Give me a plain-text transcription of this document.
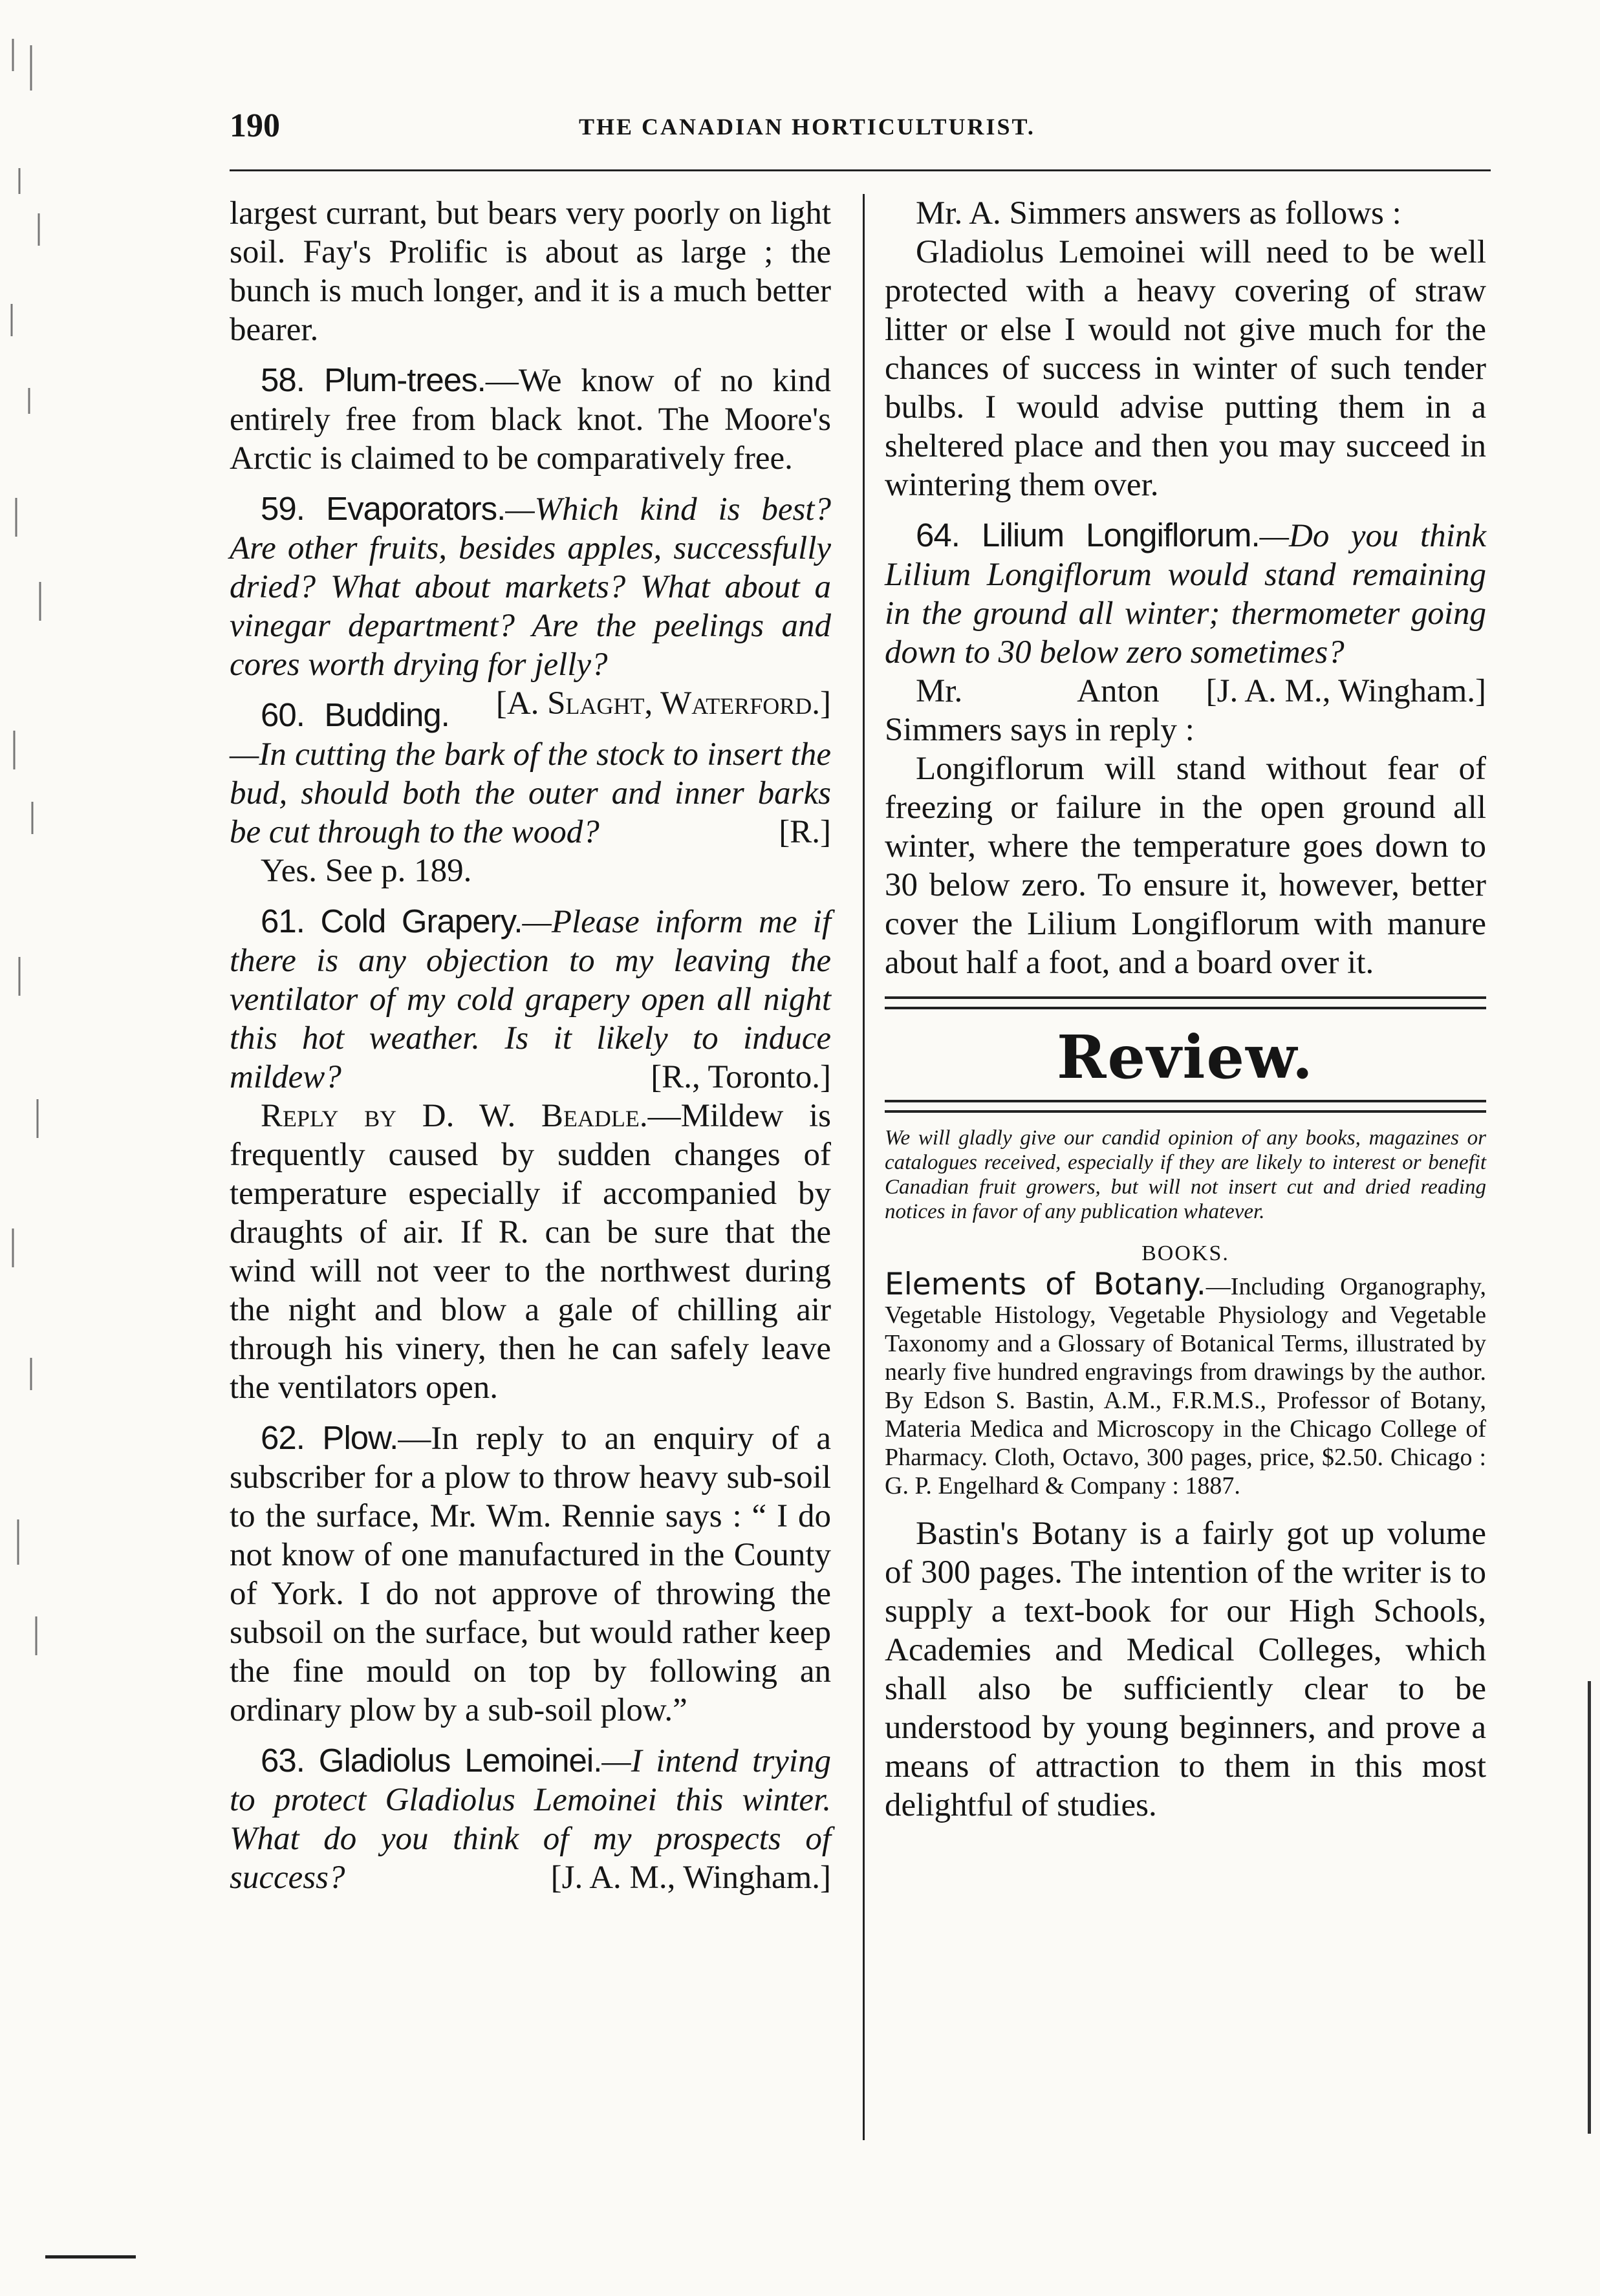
190	THE CANADIAN HORTICULTURIST.

largest currant, but bears very poorly on light soil. Fay's Prolific is about as large ; the bunch is much longer, and it is a much better bearer.

58. Plum-trees.—We know of no kind entirely free from black knot. The Moore's Arctic is claimed to be comparatively free.

59. Evaporators.—Which kind is best? Are other fruits, besides apples, successfully dried? What about markets? What about a vinegar department? Are the peelings and cores worth drying for jelly?
[A. Slaght, Waterford.]

60. Budding.—In cutting the bark of the stock to insert the bud, should both the outer and inner barks be cut through to the wood?	[R.]

Yes. See p. 189.

61. Cold Grapery.—Please inform me if there is any objection to my leaving the ventilator of my cold grapery open all night this hot weather. Is it likely to induce mildew?	[R., Toronto.]

Reply by D. W. Beadle.—Mildew is frequently caused by sudden changes of temperature especially if accompanied by draughts of air. If R. can be sure that the wind will not veer to the northwest during the night and blow a gale of chilling air through his vinery, then he can safely leave the ventilators open.

62. Plow.—In reply to an enquiry of a subscriber for a plow to throw heavy sub-soil to the surface, Mr. Wm. Rennie says : “ I do not know of one manufactured in the County of York. I do not approve of throwing the subsoil on the surface, but would rather keep the fine mould on top by following an ordinary plow by a sub-soil plow.”

63. Gladiolus Lemoinei.—I intend trying to protect Gladiolus Lemoinei this winter. What do you think of my prospects of success?	[J. A. M., Wingham.]

Mr. A. Simmers answers as follows :

Gladiolus Lemoinei will need to be well protected with a heavy covering of straw litter or else I would not give much for the chances of success in winter of such tender bulbs. I would advise putting them in a sheltered place and then you may succeed in wintering them over.

64. Lilium Longiflorum.—Do you think Lilium Longiflorum would stand remaining in the ground all winter; thermometer going down to 30 below zero sometimes?
[J. A. M., Wingham.]

Mr. Anton Simmers says in reply :

Longiflorum will stand without fear of freezing or failure in the open ground all winter, where the temperature goes down to 30 below zero. To ensure it, however, better cover the Lilium Longiflorum with manure about half a foot, and a board over it.

Review.

We will gladly give our candid opinion of any books, magazines or catalogues received, especially if they are likely to interest or benefit Canadian fruit growers, but will not insert cut and dried reading notices in favor of any publication whatever.

BOOKS.

Elements of Botany.—Including Organography, Vegetable Histology, Vegetable Physiology and Vegetable Taxonomy and a Glossary of Botanical Terms, illustrated by nearly five hundred engravings from drawings by the author. By Edson S. Bastin, A.M., F.R.M.S., Professor of Botany, Materia Medica and Microscopy in the Chicago College of Pharmacy. Cloth, Octavo, 300 pages, price, $2.50. Chicago : G. P. Engelhard & Company : 1887.

Bastin's Botany is a fairly got up volume of 300 pages. The intention of the writer is to supply a text-book for our High Schools, Academies and Medical Colleges, which shall also be sufficiently clear to be understood by young beginners, and prove a means of attraction to them in this most delightful of studies.
